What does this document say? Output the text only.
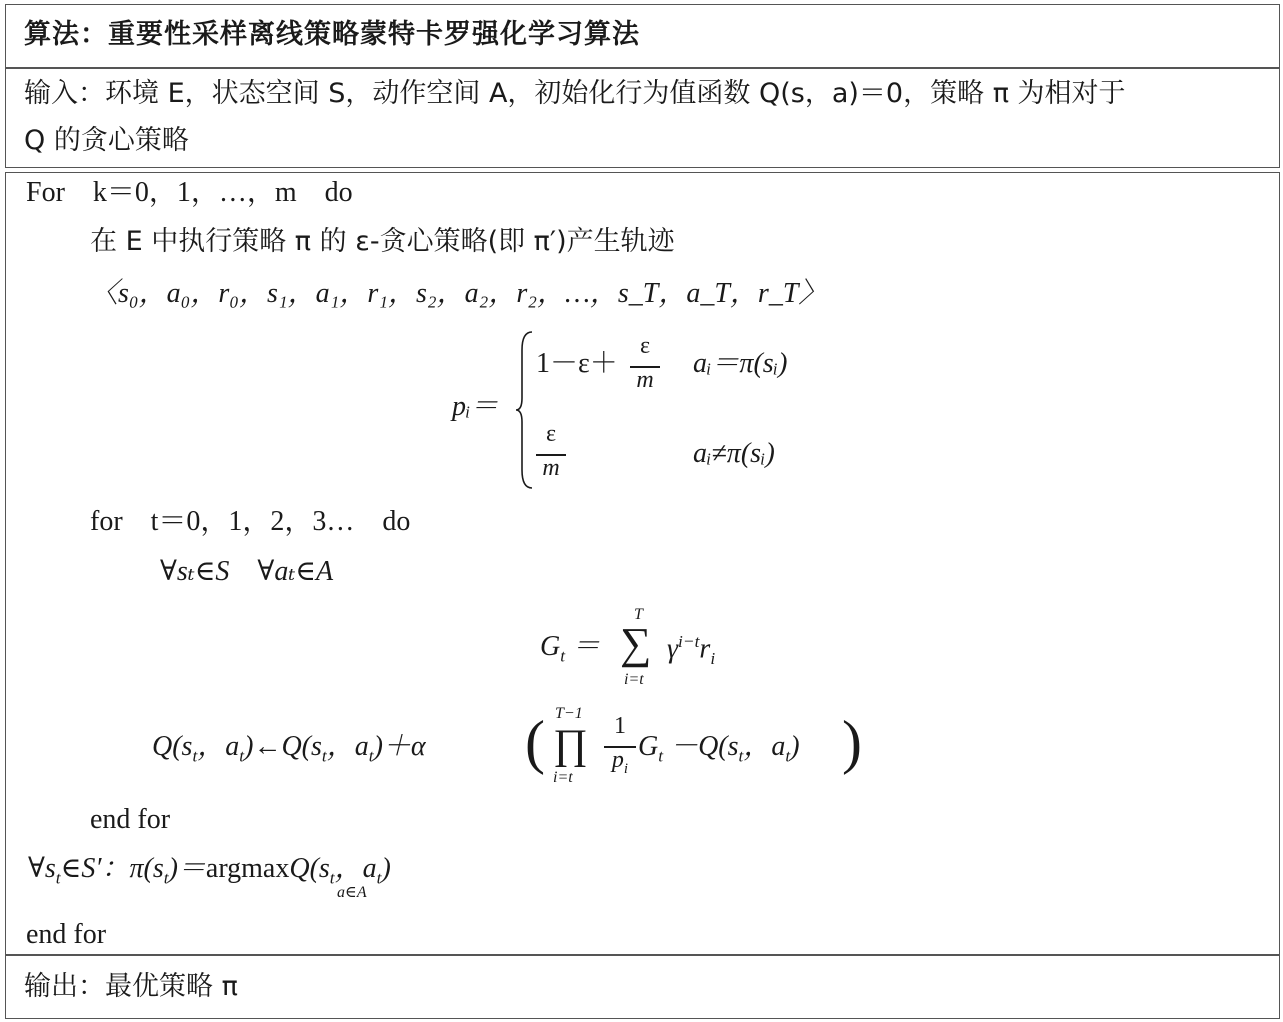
算法：重要性采样离线策略蒙特卡罗强化学习算法
输入：环境 E，状态空间 S，动作空间 A，初始化行为值函数 Q(s，a)＝0，策略 π 为相对于
Q 的贪心策略
For　k＝0，1，…，m　do
在 E 中执行策略 π 的 ε-贪心策略(即 π′)产生轨迹
〈s₀，a₀，r₀，s₁，a₁，r₁，s₂，a₂，r₂，…，s_T，a_T，r_T〉
pᵢ＝
1－ε＋
ε
m
aᵢ＝π(sᵢ)
ε
m	aᵢ≠π(sᵢ)
for　t＝0，1，2，3…　do
∀sₜ∈S　∀aₜ∈A
$G_t$ ＝ ∑
T
i=t
$\gamma^{i-t}r_i$
$Q(s_t$，$a_t)\leftarrow Q(s_t$，$a_t)+\alpha$ ( ∏
T−1
i=t
1
$p_i$
$G_t -Q(s_t$，$a_t$) )
end for
$\forall s_t\in S'$：$\pi(s_t)=argmaxQ(s_t$，$a_t$)
a∈A
end for
输出：最优策略 π
